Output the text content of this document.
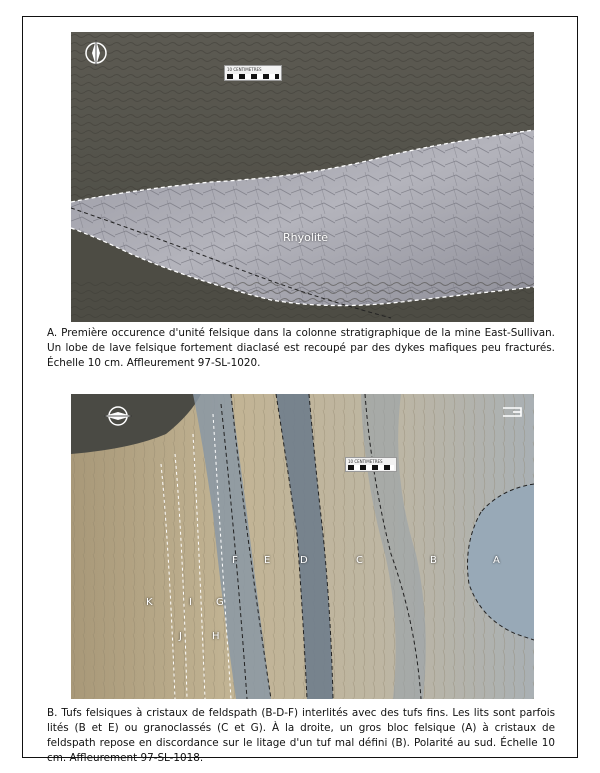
10 CENTIMETRES
Rhyolite
A. Première occurence d'unité felsique dans la colonne stratigraphique de la mine East-Sullivan. Un lobe de lave felsique fortement diaclasé est recoupé par des dykes mafiques peu fracturés. Échelle 10 cm. Affleurement 97-SL-1020.
10 CENTIMETRES
A
B
C
D
E
F
G
H
I
J
K
B. Tufs felsiques à cristaux de feldspath (B-D-F) interlités avec des tufs fins. Les lits sont parfois lités (B et E) ou granoclassés (C et G). À la droite, un gros bloc felsique (A) à cristaux de feldspath repose en discordance sur le litage d'un tuf mal défini (B). Polarité au sud. Échelle 10 cm. Affleurement 97-SL-1018.
